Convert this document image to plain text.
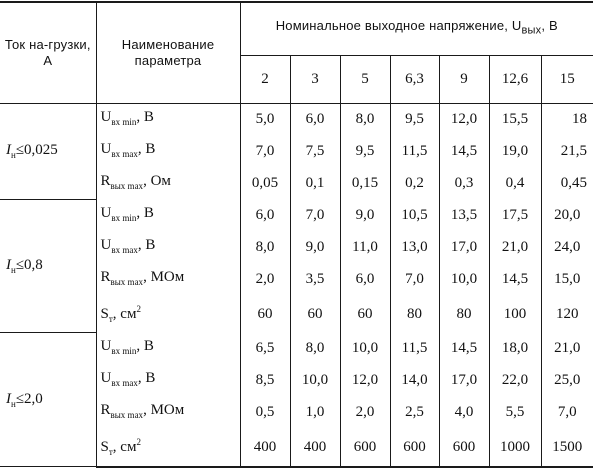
Ток на-грузки, А	Наименование параметра	Номинальное выходное напряжение, $U_{вых}$, В						
		2	3	5	6,3	9	12,6	15
$I_н\le 0,025$	$U_{вх min}$, В	5,0	6,0	8,0	9,5	12,0	15,5	18
	$U_{вх max}$, В	7,0	7,5	9,5	11,5	14,5	19,0	21,5
	$R_{вых max}$, Ом	0,05	0,1	0,15	0,2	0,3	0,4	0,45
$I_н\le 0,8$	$U_{вх min}$, В	6,0	7,0	9,0	10,5	13,5	17,5	20,0
	$U_{вх max}$, В	8,0	9,0	11,0	13,0	17,0	21,0	24,0
	$R_{вых max}$, МОм	2,0	3,5	6,0	7,0	10,0	14,5	15,0
	$S_т$, $см^2$	60	60	60	80	80	100	120
$I_н\le 2,0$	$U_{вх min}$, В	6,5	8,0	10,0	11,5	14,5	18,0	21,0
	$U_{вх max}$, В	8,5	10,0	12,0	14,0	17,0	22,0	25,0
	$R_{вых max}$, МОм	0,5	1,0	2,0	2,5	4,0	5,5	7,0
	$S_т$, $см^2$	400	400	600	600	600	1000	1500
